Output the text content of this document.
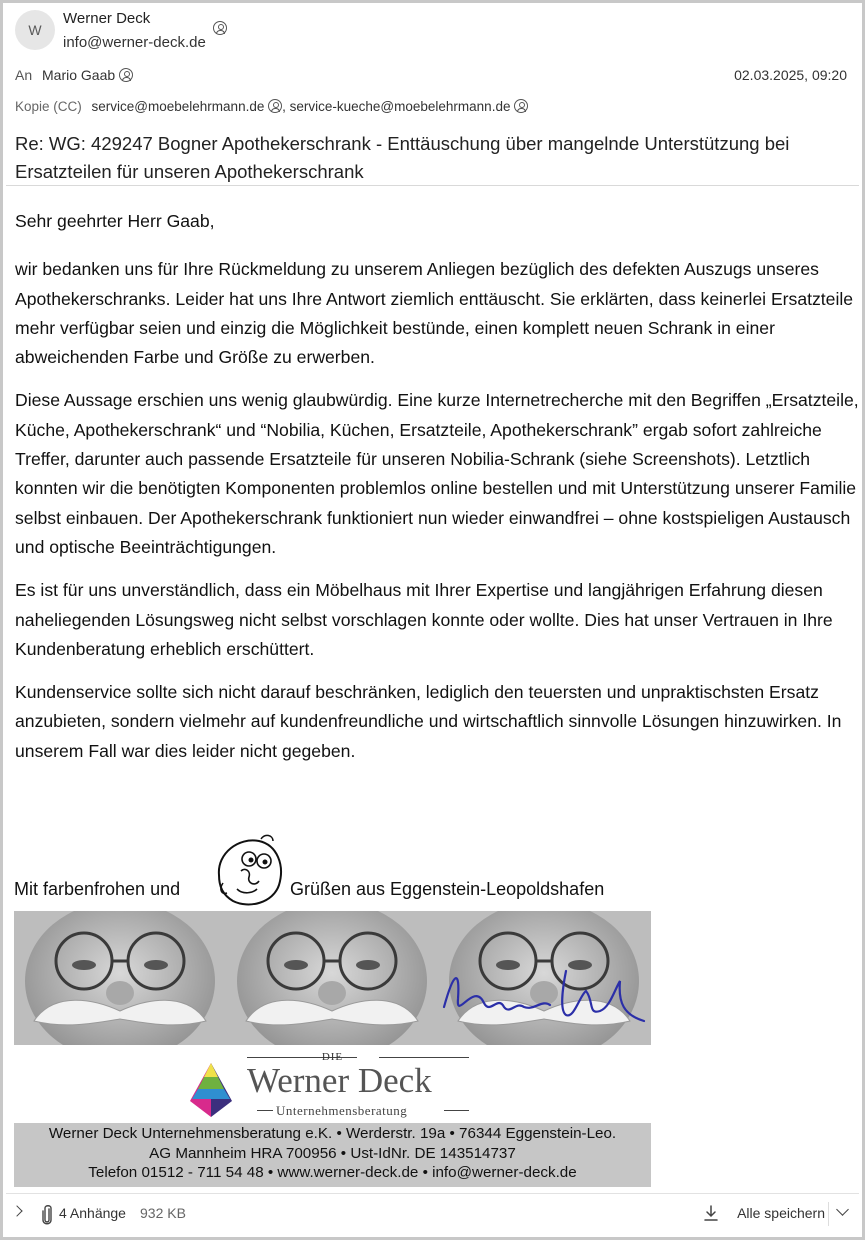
W
Werner Deck
info@werner-deck.de
An Mario Gaab	02.03.2025, 09:20
Kopie (CC) service@moebelehrmann.de , service-kueche@moebelehrmann.de
Re: WG: 429247 Bogner Apothekerschrank - Enttäuschung über mangelnde Unterstützung bei Ersatzteilen für unseren Apothekerschrank

Sehr geehrter Herr Gaab,

wir bedanken uns für Ihre Rückmeldung zu unserem Anliegen bezüglich des defekten Auszugs unseres Apothekerschranks. Leider hat uns Ihre Antwort ziemlich enttäuscht. Sie erklärten, dass keinerlei Ersatzteile mehr verfügbar seien und einzig die Möglichkeit bestünde, einen komplett neuen Schrank in einer abweichenden Farbe und Größe zu erwerben.

Diese Aussage erschien uns wenig glaubwürdig. Eine kurze Internetrecherche mit den Begriffen „Ersatzteile, Küche, Apothekerschrank“ und “Nobilia, Küchen, Ersatzteile, Apothekerschrank” ergab sofort zahlreiche Treffer, darunter auch passende Ersatzteile für unseren Nobilia-Schrank (siehe Screenshots). Letztlich konnten wir die benötigten Komponenten problemlos online bestellen und mit Unterstützung unserer Familie selbst einbauen. Der Apothekerschrank funktioniert nun wieder einwandfrei – ohne kostspieligen Austausch und optische Beeinträchtigungen.

Es ist für uns unverständlich, dass ein Möbelhaus mit Ihrer Expertise und langjährigen Erfahrung diesen naheliegenden Lösungsweg nicht selbst vorschlagen konnte oder wollte. Dies hat unser Vertrauen in Ihre Kundenberatung erheblich erschüttert.

Kundenservice sollte sich nicht darauf beschränken, lediglich den teuersten und unpraktischsten Ersatz anzubieten, sondern vielmehr auf kundenfreundliche und wirtschaftlich sinnvolle Lösungen hinzuwirken. In unserem Fall war dies leider nicht gegeben.

Mit farbenfrohen und	Grüßen aus Eggenstein-Leopoldshafen
DIE
Werner Deck
Unternehmensberatung
Werner Deck Unternehmensberatung e.K. • Werderstr. 19a • 76344 Eggenstein-Leo.
AG Mannheim HRA 700956 • Ust-IdNr. DE 143514737
Telefon 01512 - 711 54 48 • www.werner-deck.de • info@werner-deck.de
4 Anhänge 932 KB	Alle speichern
